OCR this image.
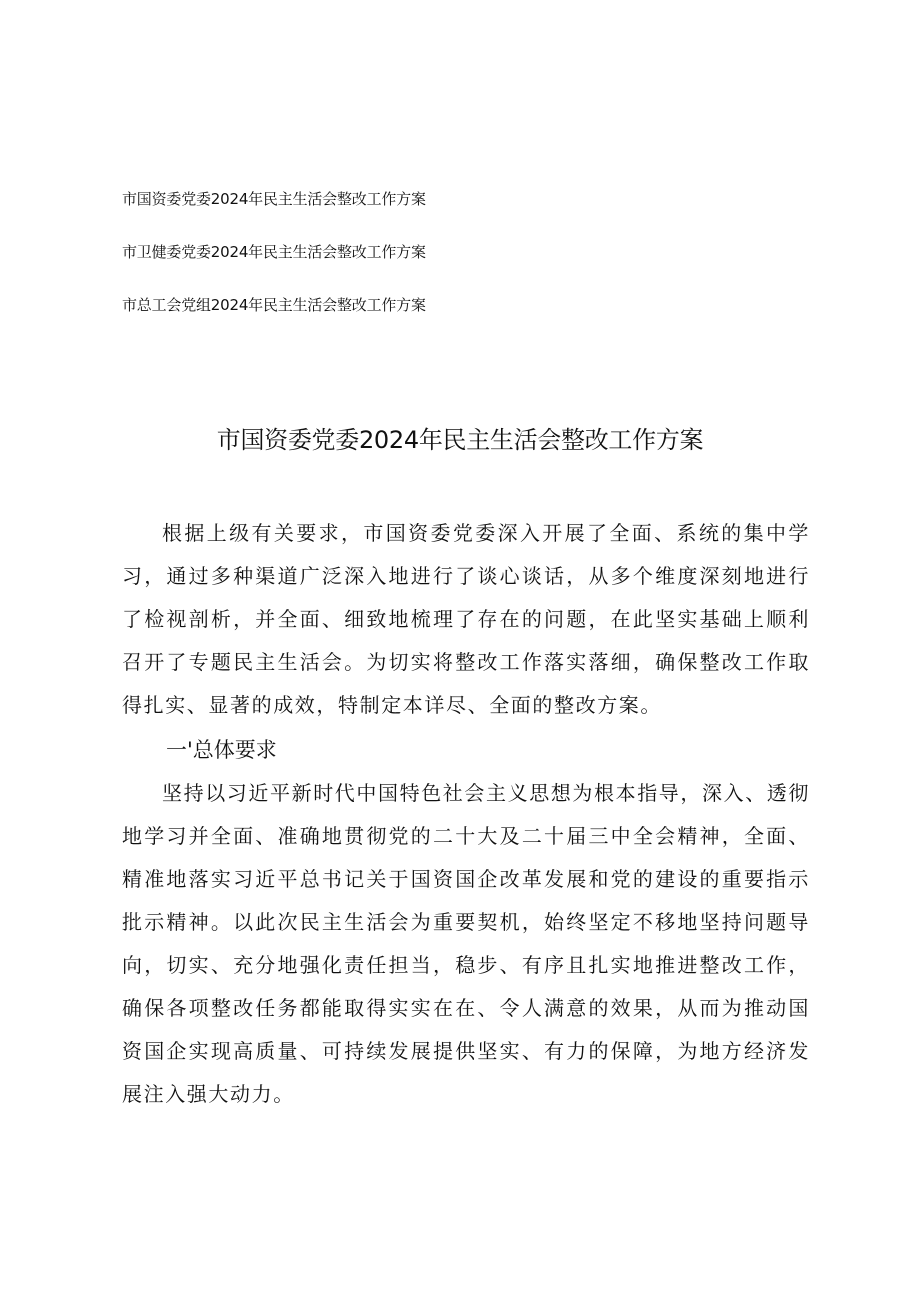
市国资委党委2024年民主生活会整改工作方案
市卫健委党委2024年民主生活会整改工作方案
市总工会党组2024年民主生活会整改工作方案
市国资委党委2024年民主生活会整改工作方案

根据上级有关要求，市国资委党委深入开展了全面、系统的集中学习，通过多种渠道广泛深入地进行了谈心谈话，从多个维度深刻地进行了检视剖析，并全面、细致地梳理了存在的问题，在此坚实基础上顺利召开了专题民主生活会。为切实将整改工作落实落细，确保整改工作取得扎实、显著的成效，特制定本详尽、全面的整改方案。

一'总体要求

坚持以习近平新时代中国特色社会主义思想为根本指导，深入、透彻地学习并全面、准确地贯彻党的二十大及二十届三中全会精神，全面、精准地落实习近平总书记关于国资国企改革发展和党的建设的重要指示批示精神。以此次民主生活会为重要契机，始终坚定不移地坚持问题导向，切实、充分地强化责任担当，稳步、有序且扎实地推进整改工作，确保各项整改任务都能取得实实在在、令人满意的效果，从而为推动国资国企实现高质量、可持续发展提供坚实、有力的保障，为地方经济发展注入强大动力。
